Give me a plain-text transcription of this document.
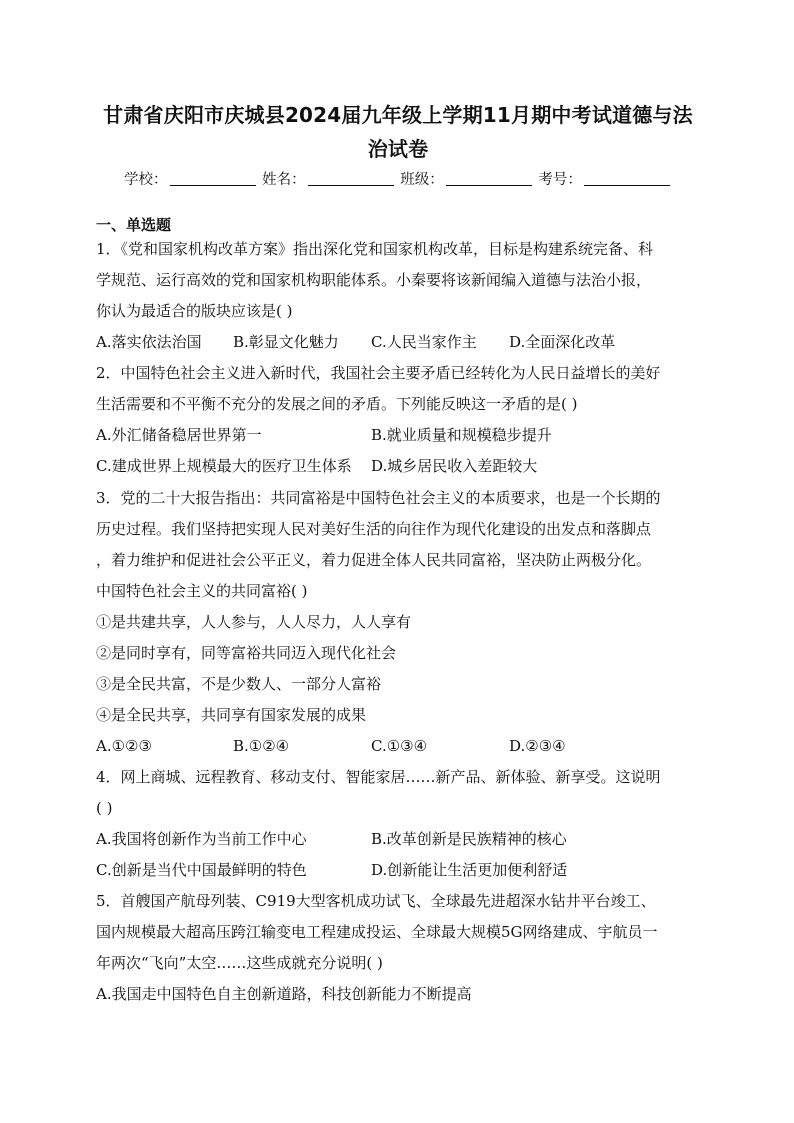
甘肃省庆阳市庆城县2024届九年级上学期11月期中考试道德与法治试卷
学校：	姓名：	班级：	考号：
一、单选题
1．《党和国家机构改革方案》指出深化党和国家机构改革，目标是构建系统完备、科
学规范、运行高效的党和国家机构职能体系。小秦要将该新闻编入道德与法治小报，
你认为最适合的版块应该是( )
A.落实依法治国 B.彰显文化魅力 C.人民当家作主 D.全面深化改革
2．中国特色社会主义进入新时代，我国社会主要矛盾已经转化为人民日益增长的美好
生活需要和不平衡不充分的发展之间的矛盾。下列能反映这一矛盾的是( )
A.外汇储备稳居世界第一	B.就业质量和规模稳步提升
C.建成世界上规模最大的医疗卫生体系 D.城乡居民收入差距较大
3．党的二十大报告指出：共同富裕是中国特色社会主义的本质要求，也是一个长期的
历史过程。我们坚持把实现人民对美好生活的向往作为现代化建设的出发点和落脚点
，着力维护和促进社会公平正义，着力促进全体人民共同富裕，坚决防止两极分化。
中国特色社会主义的共同富裕( )
①是共建共享，人人参与，人人尽力，人人享有
②是同时享有，同等富裕共同迈入现代化社会
③是全民共富，不是少数人、一部分人富裕
④是全民共享，共同享有国家发展的成果
A.①②③	B.①②④	C.①③④	D.②③④
4．网上商城、远程教育、移动支付、智能家居……新产品、新体验、新享受。这说明
( )
A.我国将创新作为当前工作中心	B.改革创新是民族精神的核心
C.创新是当代中国最鲜明的特色	D.创新能让生活更加便利舒适
5．首艘国产航母列装、C919大型客机成功试飞、全球最先进超深水钻井平台竣工、
国内规模最大超高压跨江输变电工程建成投运、全球最大规模5G网络建成、宇航员一
年两次“飞向”太空……这些成就充分说明( )
A.我国走中国特色自主创新道路，科技创新能力不断提高
